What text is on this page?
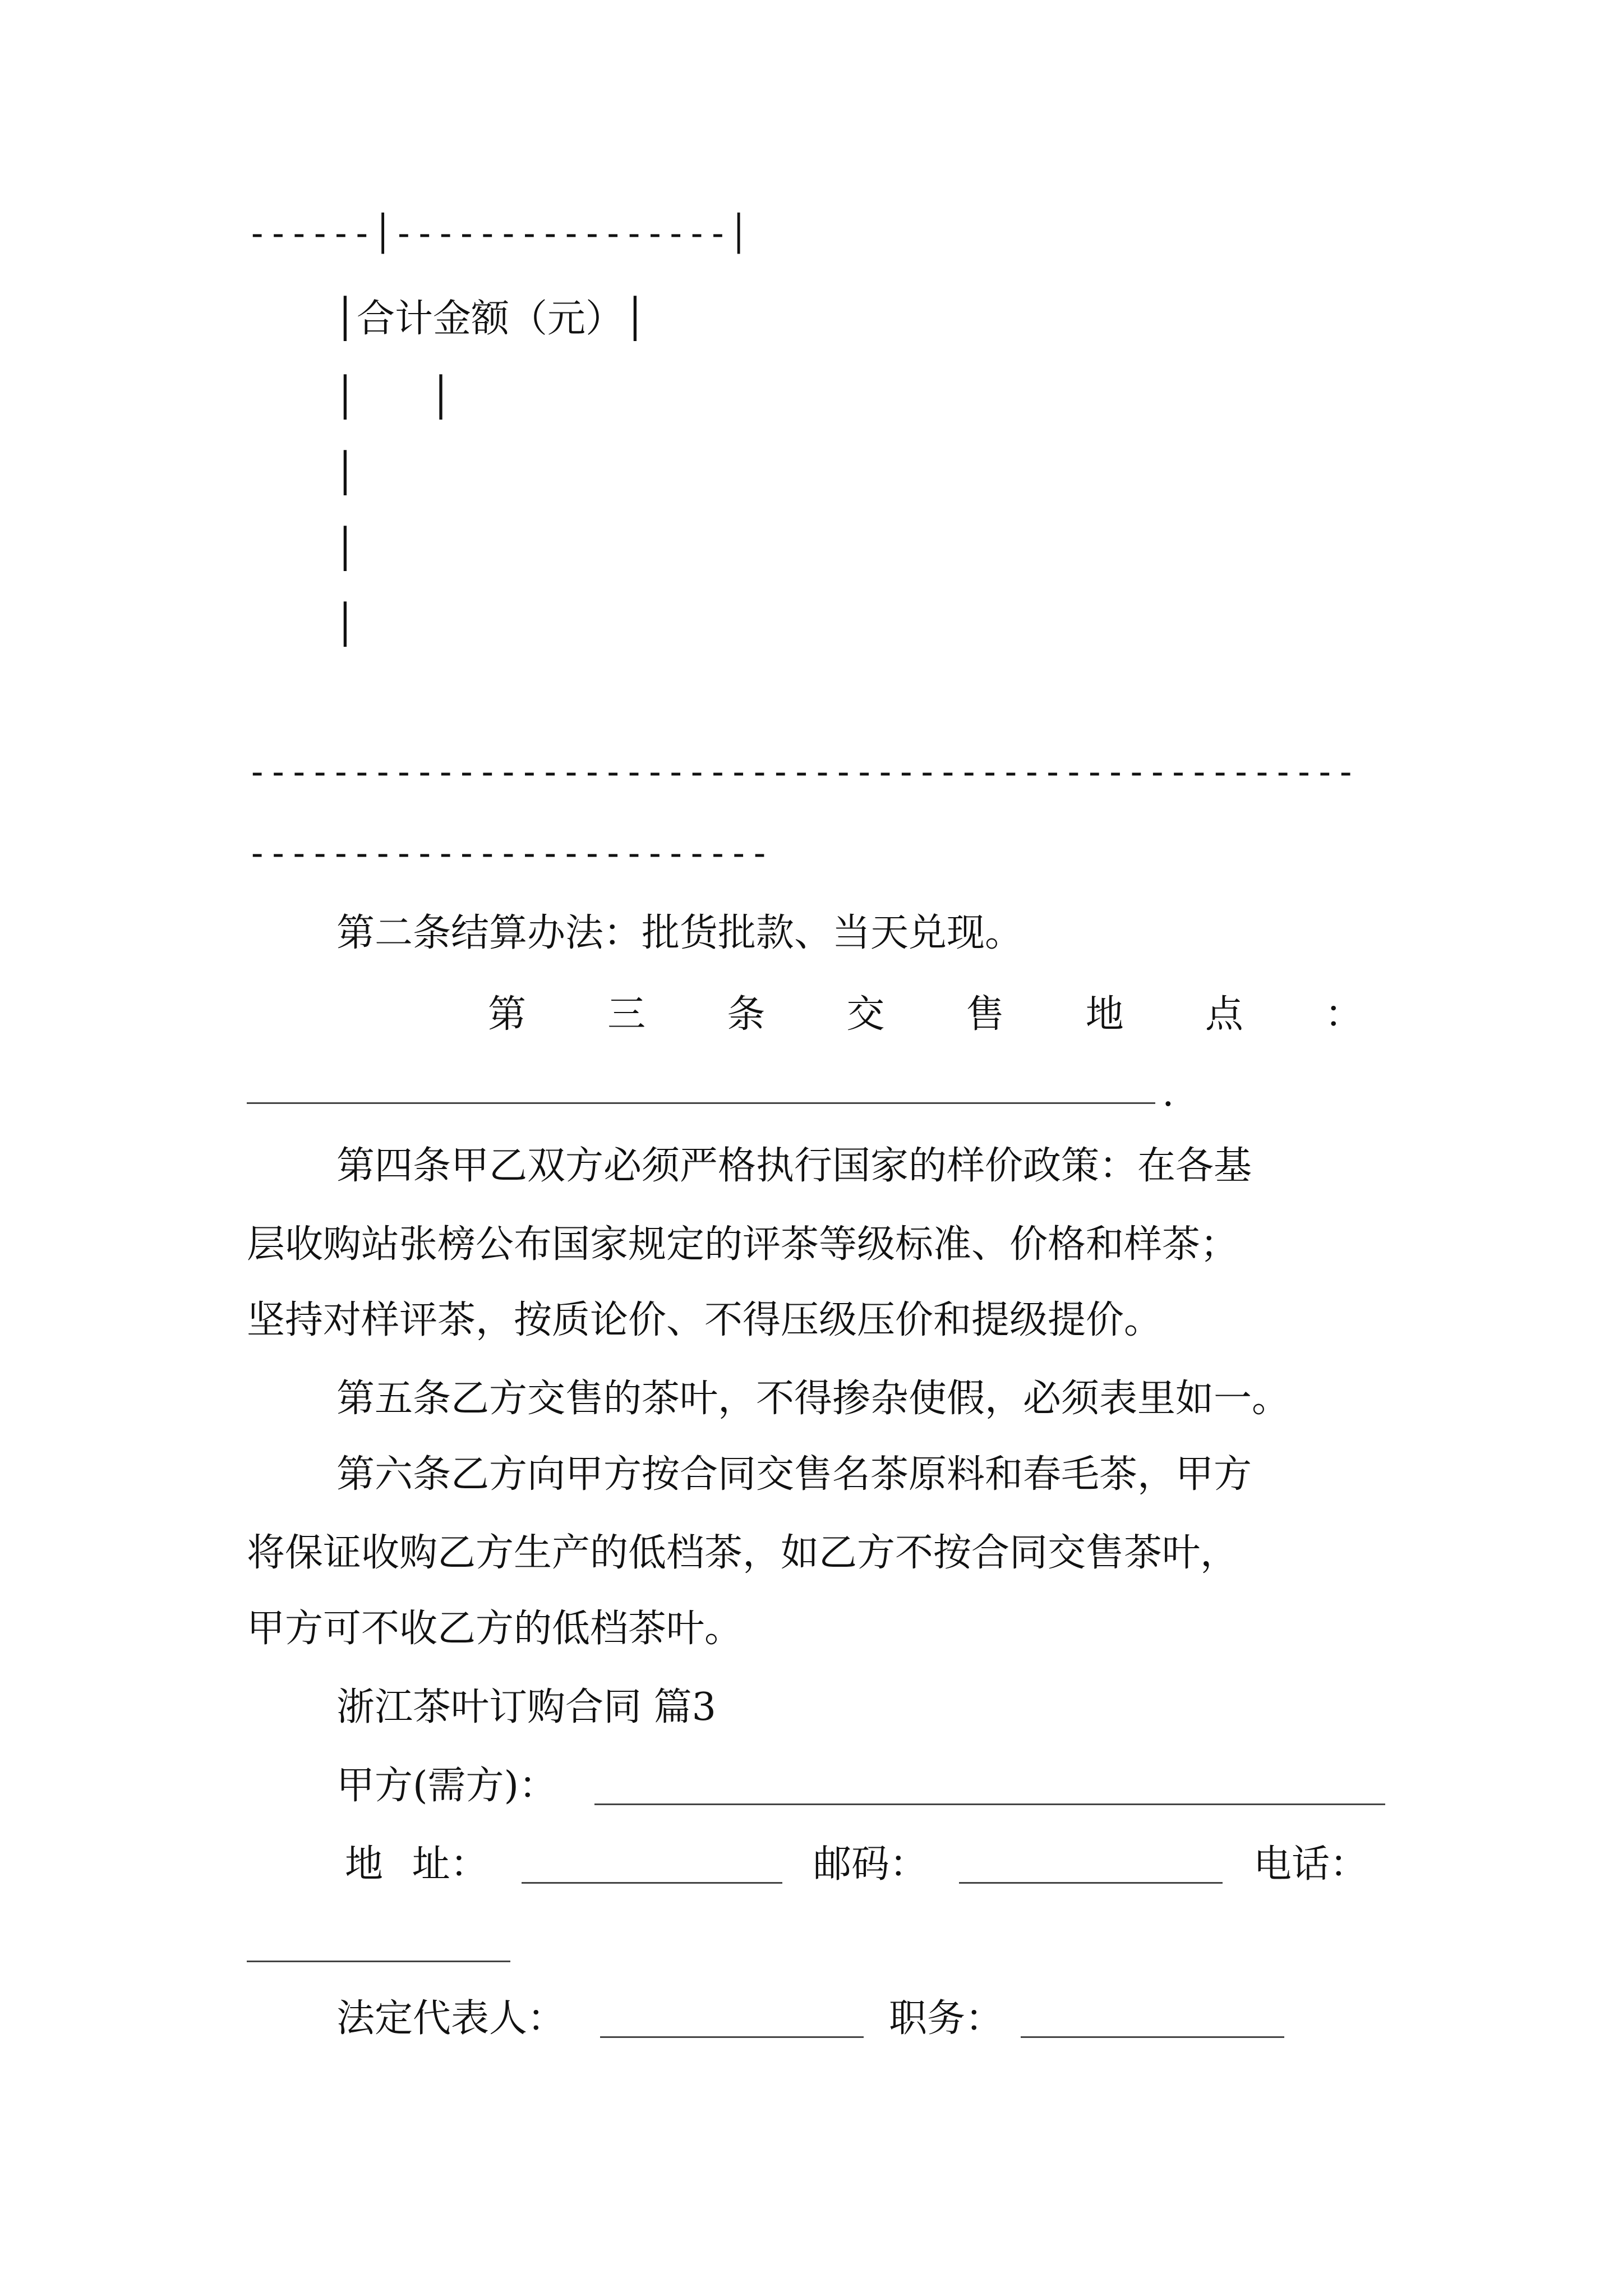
------│----------------│
│合计金额（元）│
│      │
│
│
│
-----------------------------------------------------
-------------------------
第二条结算办法：批货批款、当天兑现。
第 三 条 交 售 地 点 ：
.
第四条甲乙双方必须严格执行国家的样价政策：在各基
层收购站张榜公布国家规定的评茶等级标准、价格和样茶；
坚持对样评茶，按质论价、不得压级压价和提级提价。
第五条乙方交售的茶叶，不得掺杂使假，必须表里如一。
第六条乙方向甲方按合同交售名茶原料和春毛茶，甲方
将保证收购乙方生产的低档茶，如乙方不按合同交售茶叶，
甲方可不收乙方的低档茶叶。
浙江茶叶订购合同 篇3
甲方(需方)：
地 址：	邮码：	电话：
法定代表人：	职务：
